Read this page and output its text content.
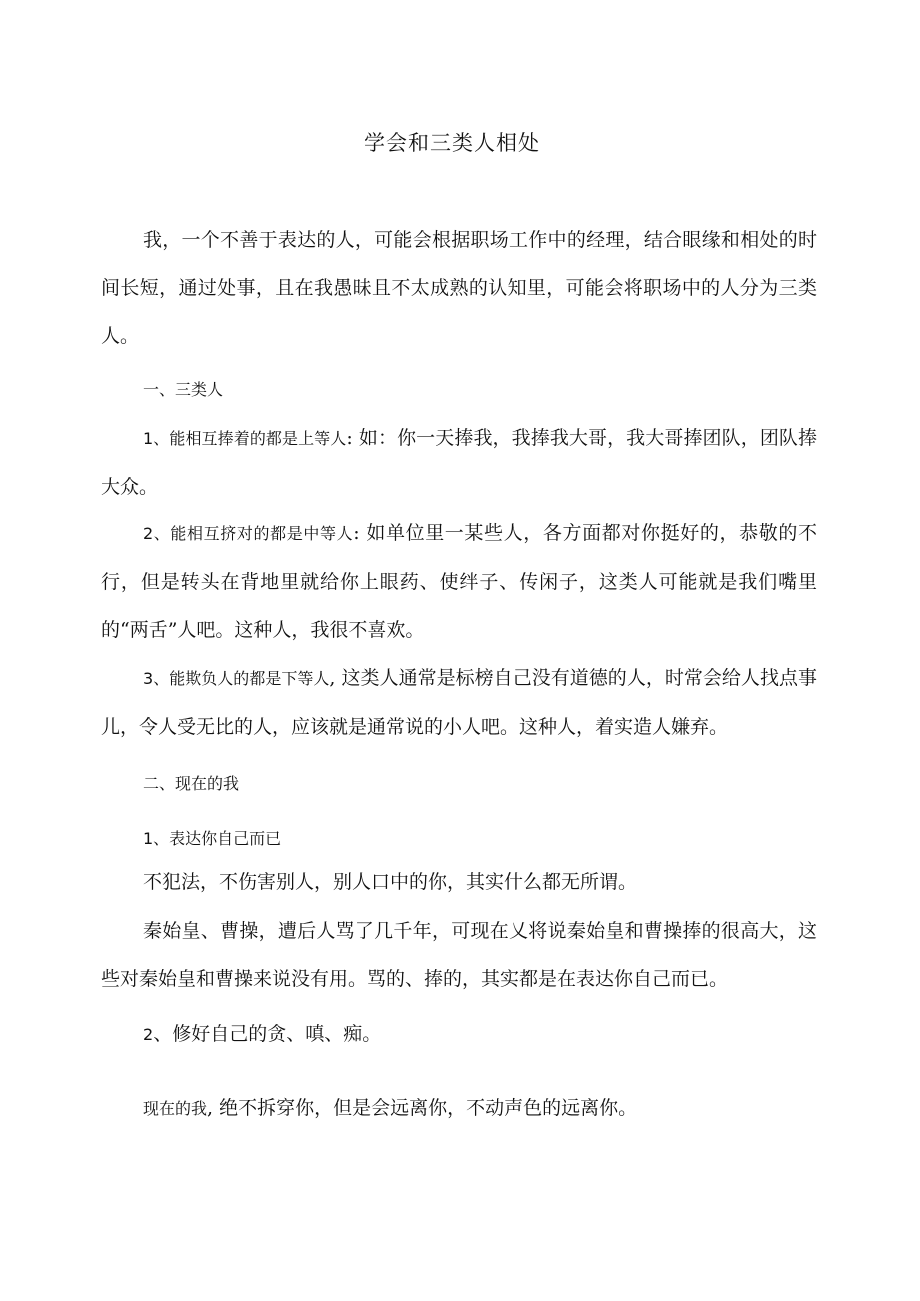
学会和三类人相处

我，一个不善于表达的人，可能会根据职场工作中的经理，结合眼缘和相处的时间长短，通过处事，且在我愚昧且不太成熟的认知里，可能会将职场中的人分为三类人。

一、三类人

1、能相互捧着的都是上等人: 如：你一天捧我，我捧我大哥，我大哥捧团队，团队捧大众。

2、能相互挤对的都是中等人: 如单位里一某些人，各方面都对你挺好的，恭敬的不行，但是转头在背地里就给你上眼药、使绊子、传闲子，这类人可能就是我们嘴里的“两舌”人吧。这种人，我很不喜欢。

3、能欺负人的都是下等人, 这类人通常是标榜自己没有道德的人，时常会给人找点事儿，令人受无比的人，应该就是通常说的小人吧。这种人，着实造人嫌弃。

二、现在的我
1、表达你自己而已
不犯法，不伤害别人，别人口中的你，其实什么都无所谓。

秦始皇、曹操，遭后人骂了几千年，可现在乂将说秦始皇和曹操捧的很高大，这些对秦始皇和曹操来说没有用。骂的、捧的，其实都是在表达你自己而已。

2、修好自己的贪、嗔、痴。
现在的我, 绝不拆穿你，但是会远离你，不动声色的远离你。
